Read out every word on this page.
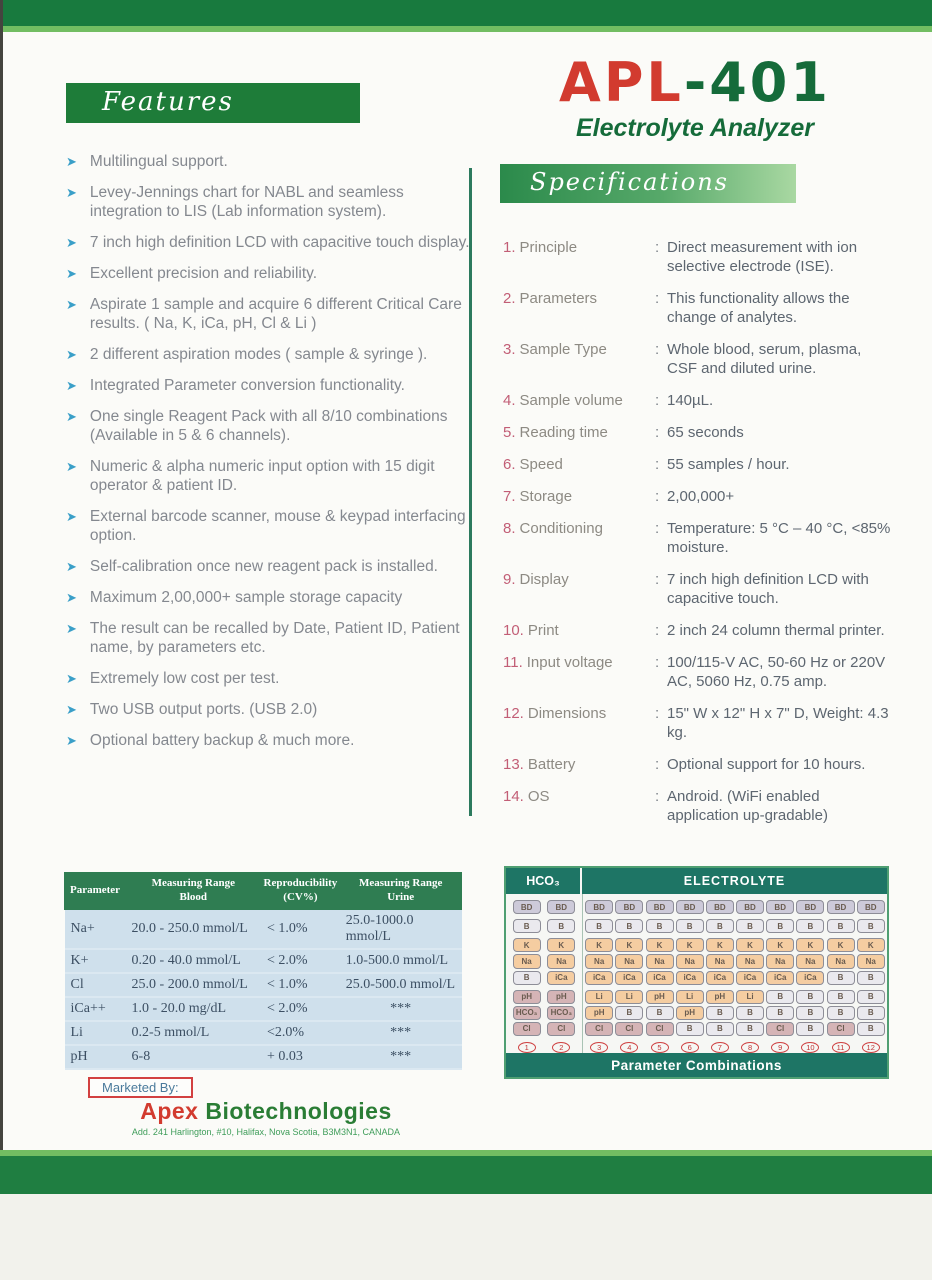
Features	APL-401
Electrolyte Analyzer
Specifications
➤ Multilingual support.
➤ Levey-Jennings chart for NABL and seamless integration to LIS (Lab information system).
➤ 7 inch high definition LCD with capacitive touch display.
➤ Excellent precision and reliability.
➤ Aspirate 1 sample and acquire 6 different Critical Care results. ( Na, K, iCa, pH, Cl & Li )
➤ 2 different aspiration modes ( sample & syringe ).
➤ Integrated Parameter conversion functionality.
➤ One single Reagent Pack with all 8/10 combinations (Available in 5 & 6 channels).
➤ Numeric & alpha numeric input option with 15 digit operator & patient ID.
➤ External barcode scanner, mouse & keypad interfacing option.
➤ Self-calibration once new reagent pack is installed.
➤ Maximum 2,00,000+ sample storage capacity
➤ The result can be recalled by Date, Patient ID, Patient name, by parameters etc.
➤ Extremely low cost per test.
➤ Two USB output ports. (USB 2.0)
➤ Optional battery backup & much more.
1. Principle	: Direct measurement with ion selective electrode (ISE).
2. Parameters	: This functionality allows the change of analytes.
3. Sample Type	: Whole blood, serum, plasma, CSF and diluted urine.
4. Sample volume	: 140µL.
5. Reading time	: 65 seconds
6. Speed	: 55 samples / hour.
7. Storage	: 2,00,000+
8. Conditioning	: Temperature: 5 °C – 40 °C, <85% moisture.
9. Display	: 7 inch high definition LCD with capacitive touch.
10. Print	: 2 inch 24 column thermal printer.
11. Input voltage	: 100/115-V AC, 50-60 Hz or 220V AC, 5060 Hz, 0.75 amp.
12. Dimensions	: 15" W x 12" H x 7" D, Weight: 4.3 kg.
13. Battery	: Optional support for 10 hours.
14. OS	: Android. (WiFi enabled application up-gradable)
Parameter

Measuring Range
Blood

Reproducibility
(CV%)

Measuring Range
Urine

Na+	20.0 - 250.0 mmol/L	< 1.0%	25.0-1000.0 mmol/L
K+	0.20 - 40.0 mmol/L	< 2.0%	1.0-500.0 mmol/L
Cl	25.0 - 200.0 mmol/L	< 1.0%	25.0-500.0 mmol/L
iCa++	1.0 - 20.0 mg/dL	< 2.0%	***
Li	0.2-5 mmol/L	<2.0%	***
pH	6-8	+ 0.03	***
HCO₃	ELECTROLYTE
BD
B
K
Na
B
pH
HCO₃
Cl
1
BD
B
K
Na
iCa
pH
HCO₃
Cl
2
BD
B
K
Na
iCa
Li
pH
Cl
3
BD
B
K
Na
iCa
Li
B
Cl
4
BD
B
K
Na
iCa
pH
B
Cl
5
BD
B
K
Na
iCa
Li
pH
B
6
BD
B
K
Na
iCa
pH
B
B
7
BD
B
K
Na
iCa
Li
B
B
8
BD
B
K
Na
iCa
B
B
Cl
9
BD
B
K
Na
iCa
B
B
B
10
BD
B
K
Na
B
B
B
Cl
11
BD
B
K
Na
B
B
B
B
12
Parameter Combinations
Marketed By:
Apex Biotechnologies
Add. 241 Harlington, #10, Halifax, Nova Scotia, B3M3N1, CANADA
